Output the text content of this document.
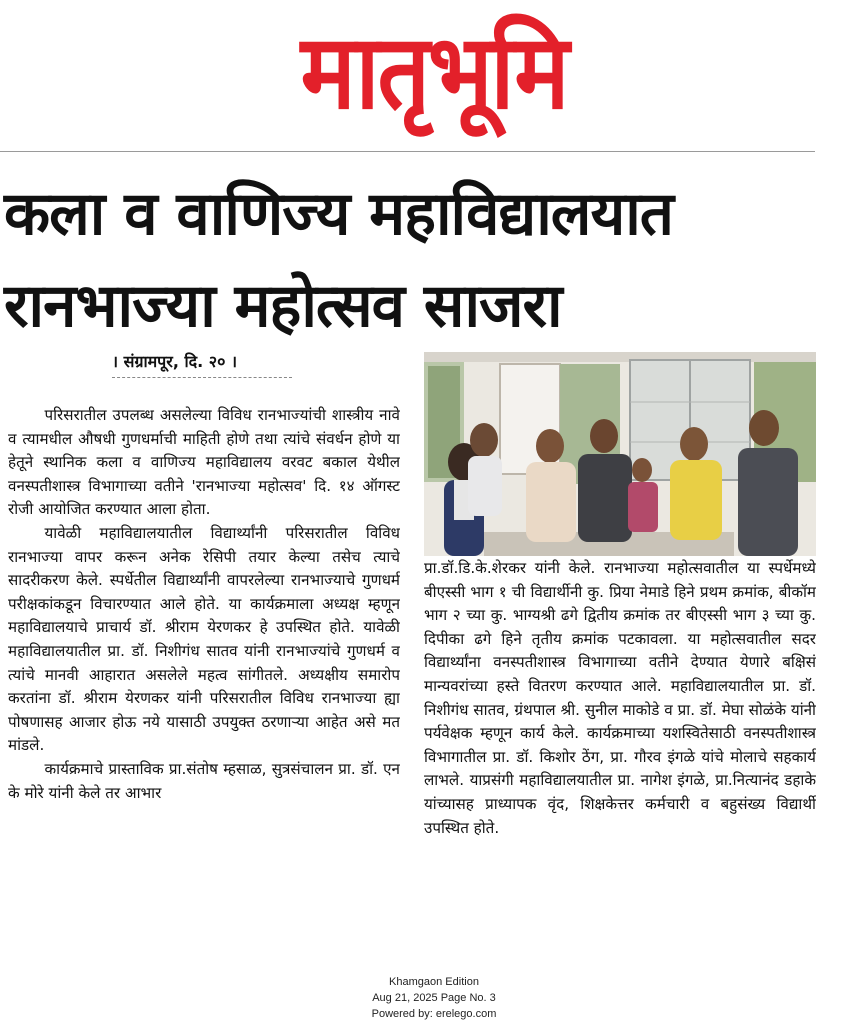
मातृभूमि
कला व वाणिज्य महाविद्यालयात
रानभाज्या महोत्सव साजरा
। संग्रामपूर, दि. २० ।

परिसरातील उपलब्ध असलेल्या विविध रानभाज्यांची शास्त्रीय नावे व त्यामधील औषधी गुणधर्माची माहिती होणे तथा त्यांचे संवर्धन होणे या हेतूने स्थानिक कला व वाणिज्य महाविद्यालय वरवट बकाल येथील वनस्पतीशास्त्र विभागाच्या वतीने 'रानभाज्या महोत्सव' दि. १४ ऑगस्ट रोजी आयोजित करण्यात आला होता.

यावेळी महाविद्यालयातील विद्यार्थ्यांनी परिसरातील विविध रानभाज्या वापर करून अनेक रेसिपी तयार केल्या तसेच त्याचे सादरीकरण केले. स्पर्धेतील विद्यार्थ्यांनी वापरलेल्या रानभाज्याचे गुणधर्म परीक्षकांकडून विचारण्यात आले होते. या कार्यक्रमाला अध्यक्ष म्हणून महाविद्यालयाचे प्राचार्य डॉ. श्रीराम येरणकर हे उपस्थित होते. यावेळी महाविद्यालयातील प्रा. डॉ. निशीगंध सातव यांनी रानभाज्यांचे गुणधर्म व त्यांचे मानवी आहारात असलेले महत्व सांगीतले. अध्यक्षीय समारोप करतांना डॉ. श्रीराम येरणकर यांनी परिसरातील विविध रानभाज्या ह्या पोषणासह आजार होऊ नये यासाठी उपयुक्त ठरणाऱ्या आहेत असे मत मांडले.

कार्यक्रमाचे प्रास्ताविक प्रा.संतोष म्हसाळ, सुत्रसंचालन प्रा. डॉ. एन के मोरे यांनी केले तर आभार

प्रा.डॉ.डि.के.शेरकर यांनी केले. रानभाज्या महोत्सवातील या स्पर्धेमध्ये बीएस्सी भाग १ ची विद्यार्थीनी कु. प्रिया नेमाडे हिने प्रथम क्रमांक, बीकॉम भाग २ च्या कु. भाग्यश्री ढगे द्वितीय क्रमांक तर बीएस्सी भाग ३ च्या कु. दिपीका ढगे हिने तृतीय क्रमांक पटकावला. या महोत्सवातील सदर विद्यार्थ्यांना वनस्पतीशास्त्र विभागाच्या वतीने देण्यात येणारे बक्षिसं मान्यवरांच्या हस्ते वितरण करण्यात आले. महाविद्यालयातील प्रा. डॉ. निशीगंध सातव, ग्रंथपाल श्री. सुनील माकोडे व प्रा. डॉ. मेघा सोळंके यांनी पर्यवेक्षक म्हणून कार्य केले. कार्यक्रमाच्या यशस्वितेसाठी वनस्पतीशास्त्र विभागातील प्रा. डॉ. किशोर ठेंग, प्रा. गौरव इंगळे यांचे मोलाचे सहकार्य लाभले. याप्रसंगी महाविद्यालयातील प्रा. नागेश इंगळे, प्रा.नित्यानंद डहाके यांच्यासह प्राध्यापक वृंद, शिक्षकेत्तर कर्मचारी व बहुसंख्य विद्यार्थी उपस्थित होते.

Khamgaon Edition
Aug 21, 2025 Page No. 3
Powered by: erelego.com
